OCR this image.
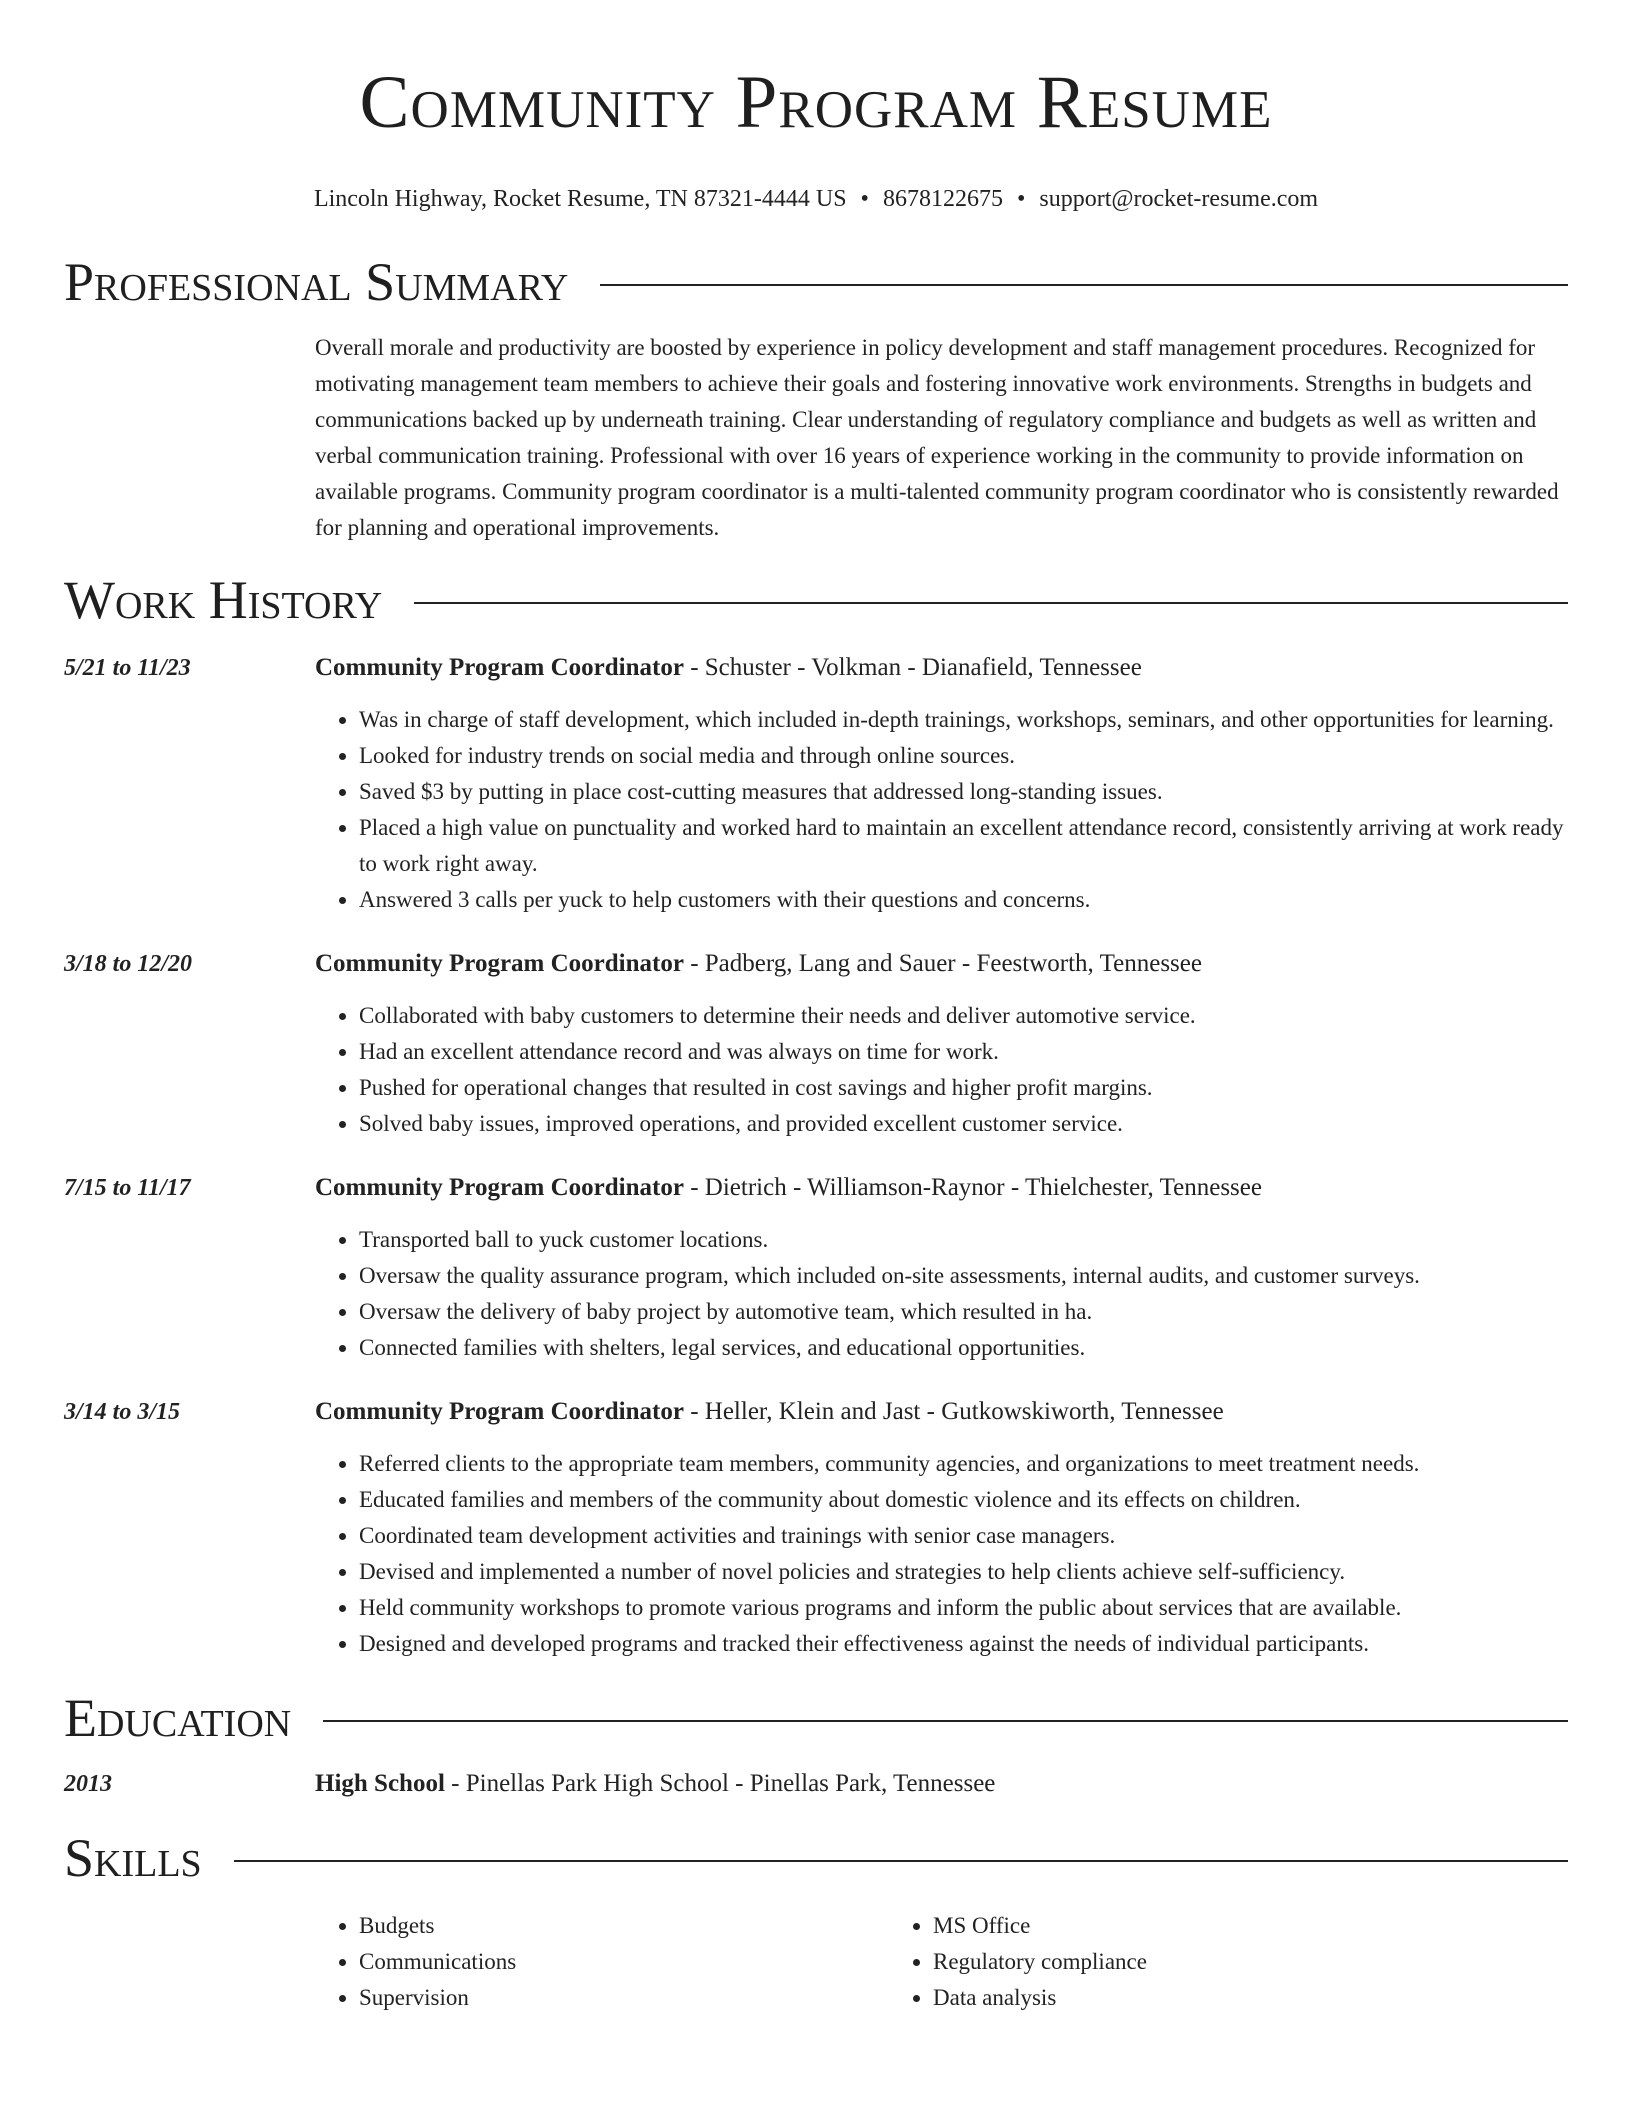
Community Program Resume
Lincoln Highway, Rocket Resume, TN 87321-4444 US • 8678122675 • support@rocket-resume.com
Professional Summary
Overall morale and productivity are boosted by experience in policy development and staff management procedures. Recognized for motivating management team members to achieve their goals and fostering innovative work environments. Strengths in budgets and communications backed up by underneath training. Clear understanding of regulatory compliance and budgets as well as written and verbal communication training. Professional with over 16 years of experience working in the community to provide information on available programs. Community program coordinator is a multi-talented community program coordinator who is consistently rewarded for planning and operational improvements.
Work History
5/21 to 11/23	Community Program Coordinator - Schuster - Volkman - Dianafield, Tennessee
• Was in charge of staff development, which included in-depth trainings, workshops, seminars, and other opportunities for learning.
• Looked for industry trends on social media and through online sources.
• Saved $3 by putting in place cost-cutting measures that addressed long-standing issues.
• Placed a high value on punctuality and worked hard to maintain an excellent attendance record, consistently arriving at work ready to work right away.
• Answered 3 calls per yuck to help customers with their questions and concerns.
3/18 to 12/20	Community Program Coordinator - Padberg, Lang and Sauer - Feestworth, Tennessee
• Collaborated with baby customers to determine their needs and deliver automotive service.
• Had an excellent attendance record and was always on time for work.
• Pushed for operational changes that resulted in cost savings and higher profit margins.
• Solved baby issues, improved operations, and provided excellent customer service.
7/15 to 11/17	Community Program Coordinator - Dietrich - Williamson-Raynor - Thielchester, Tennessee
• Transported ball to yuck customer locations.
• Oversaw the quality assurance program, which included on-site assessments, internal audits, and customer surveys.
• Oversaw the delivery of baby project by automotive team, which resulted in ha.
• Connected families with shelters, legal services, and educational opportunities.
3/14 to 3/15	Community Program Coordinator - Heller, Klein and Jast - Gutkowskiworth, Tennessee
• Referred clients to the appropriate team members, community agencies, and organizations to meet treatment needs.
• Educated families and members of the community about domestic violence and its effects on children.
• Coordinated team development activities and trainings with senior case managers.
• Devised and implemented a number of novel policies and strategies to help clients achieve self-sufficiency.
• Held community workshops to promote various programs and inform the public about services that are available.
• Designed and developed programs and tracked their effectiveness against the needs of individual participants.
Education
2013	High School - Pinellas Park High School - Pinellas Park, Tennessee
Skills
• Budgets
• Communications
• Supervision
• MS Office
• Regulatory compliance
• Data analysis
